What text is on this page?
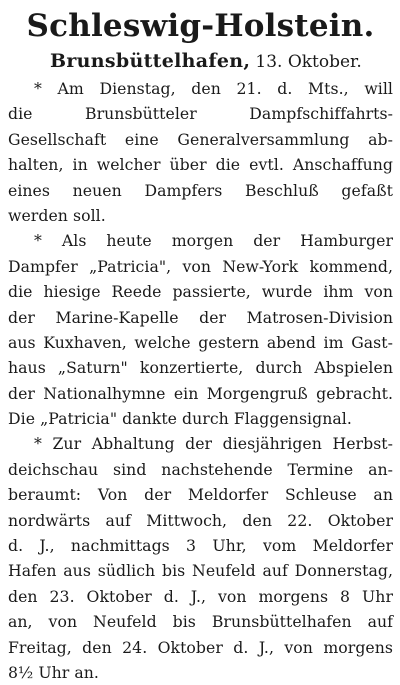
Schleswig-Holstein.
Brunsbüttelhafen, 13. Oktober.
* Am Dienstag, den 21. d. Mts., will
die Brunsbütteler Dampfschiffahrts-
Gesellschaft eine Generalversammlung ab-
halten, in welcher über die evtl. Anschaffung
eines neuen Dampfers Beschluß gefaßt
werden soll.
* Als heute morgen der Hamburger
Dampfer „Patricia", von New-York kommend,
die hiesige Reede passierte, wurde ihm von
der Marine-Kapelle der Matrosen-Division
aus Kuxhaven, welche gestern abend im Gast-
haus „Saturn" konzertierte, durch Abspielen
der Nationalhymne ein Morgengruß gebracht.
Die „Patricia" dankte durch Flaggensignal.
* Zur Abhaltung der diesjährigen Herbst-
deichschau sind nachstehende Termine an-
beraumt: Von der Meldorfer Schleuse an
nordwärts auf Mittwoch, den 22. Oktober
d. J., nachmittags 3 Uhr, vom Meldorfer
Hafen aus südlich bis Neufeld auf Donnerstag,
den 23. Oktober d. J., von morgens 8 Uhr
an, von Neufeld bis Brunsbüttelhafen auf
Freitag, den 24. Oktober d. J., von morgens
8½ Uhr an.
